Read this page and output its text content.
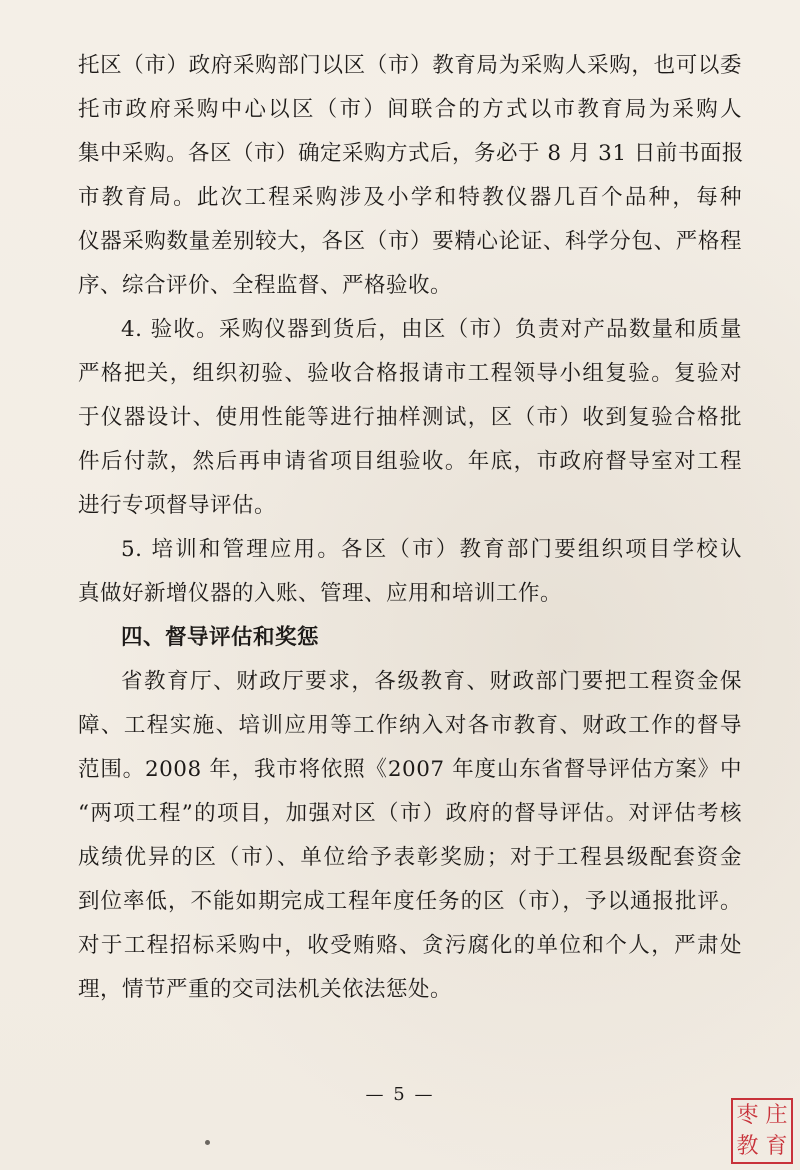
托区（市）政府采购部门以区（市）教育局为采购人采购，也可以委
托市政府采购中心以区（市）间联合的方式以市教育局为采购人
集中采购。各区（市）确定采购方式后，务必于 8 月 31 日前书面报
市教育局。此次工程采购涉及小学和特教仪器几百个品种，每种
仪器采购数量差别较大，各区（市）要精心论证、科学分包、严格程
序、综合评价、全程监督、严格验收。
4. 验收。采购仪器到货后，由区（市）负责对产品数量和质量
严格把关，组织初验、验收合格报请市工程领导小组复验。复验对
于仪器设计、使用性能等进行抽样测试，区（市）收到复验合格批
件后付款，然后再申请省项目组验收。年底，市政府督导室对工程
进行专项督导评估。
5. 培训和管理应用。各区（市）教育部门要组织项目学校认
真做好新增仪器的入账、管理、应用和培训工作。
四、督导评估和奖惩
省教育厅、财政厅要求，各级教育、财政部门要把工程资金保
障、工程实施、培训应用等工作纳入对各市教育、财政工作的督导
范围。2008 年，我市将依照《2007 年度山东省督导评估方案》中
“两项工程”的项目，加强对区（市）政府的督导评估。对评估考核
成绩优异的区（市）、单位给予表彰奖励；对于工程县级配套资金
到位率低，不能如期完成工程年度任务的区（市），予以通报批评。
对于工程招标采购中，收受贿赂、贪污腐化的单位和个人，严肃处
理，情节严重的交司法机关依法惩处。
— 5 —
枣 庄
教 育
